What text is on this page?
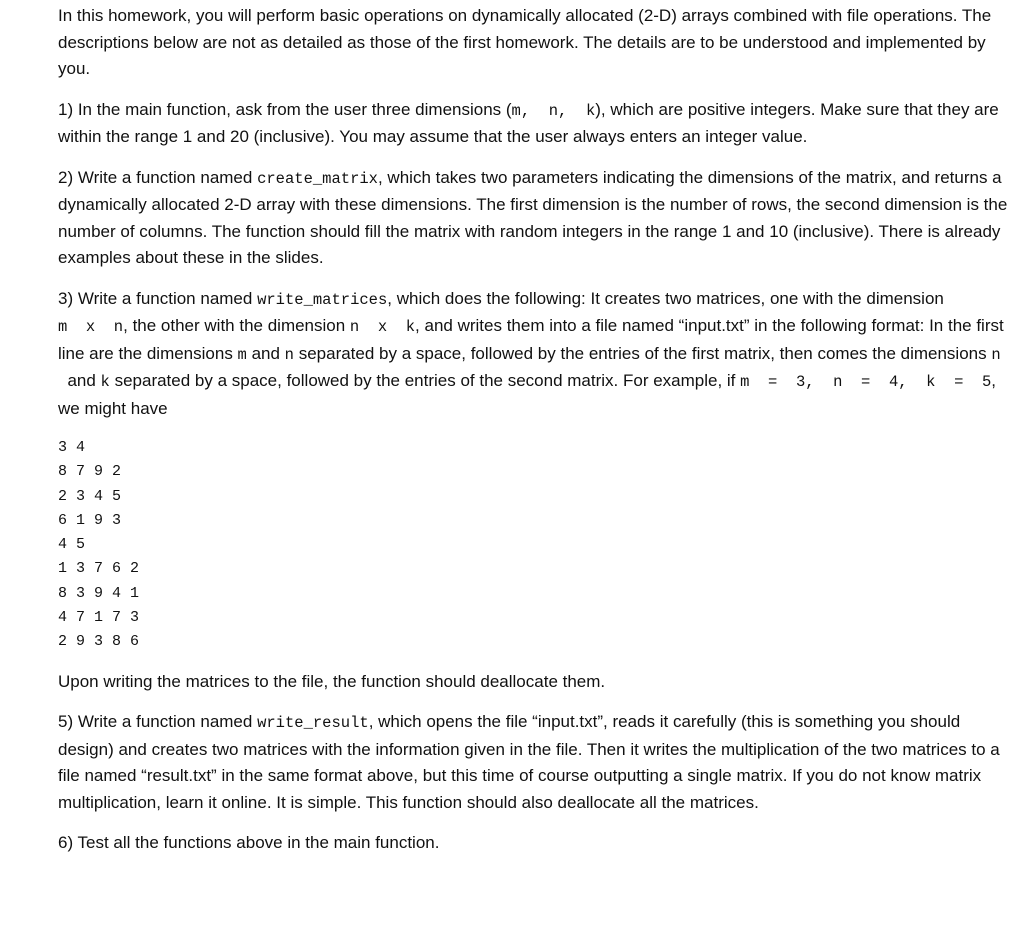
In this homework, you will perform basic operations on dynamically allocated (2-D) arrays combined with file operations. The descriptions below are not as detailed as those of the first homework. The details are to be understood and implemented by you.

1) In the main function, ask from the user three dimensions (m,  n,  k), which are positive integers. Make sure that they are within the range 1 and 20 (inclusive). You may assume that the user always enters an integer value.

2) Write a function named create_matrix, which takes two parameters indicating the dimensions of the matrix, and returns a dynamically allocated 2-D array with these dimensions. The first dimension is the number of rows, the second dimension is the number of columns. The function should fill the matrix with random integers in the range 1 and 10 (inclusive). There is already examples about these in the slides.

3) Write a function named write_matrices, which does the following: It creates two matrices, one with the dimension m  x  n, the other with the dimension n  x  k, and writes them into a file named “input.txt” in the following format: In the first line are the dimensions m and n separated by a space, followed by the entries of the first matrix, then comes the dimensions n  and k separated by a space, followed by the entries of the second matrix. For example, if m  =  3,  n  =  4,  k  =  5, we might have

3 4
8 7 9 2
2 3 4 5
6 1 9 3
4 5
1 3 7 6 2
8 3 9 4 1
4 7 1 7 3
2 9 3 8 6

Upon writing the matrices to the file, the function should deallocate them.

5) Write a function named write_result, which opens the file “input.txt”, reads it carefully (this is something you should design) and creates two matrices with the information given in the file. Then it writes the multiplication of the two matrices to a file named “result.txt” in the same format above, but this time of course outputting a single matrix. If you do not know matrix multiplication, learn it online. It is simple. This function should also deallocate all the matrices.

6) Test all the functions above in the main function.
